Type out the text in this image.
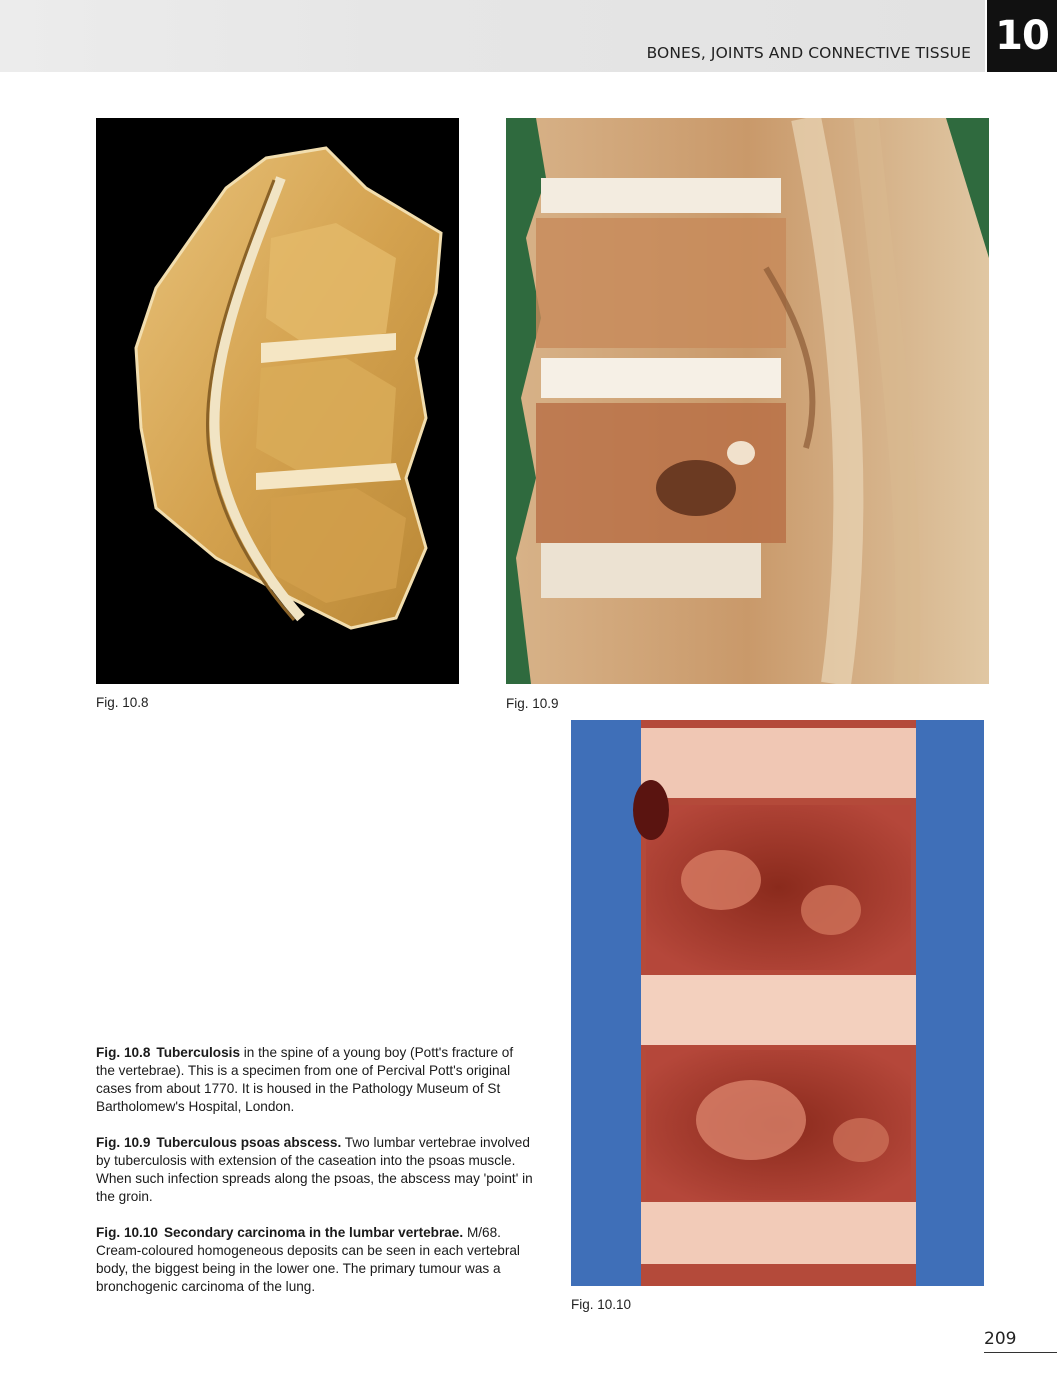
BONES, JOINTS AND CONNECTIVE TISSUE 10
Fig. 10.8	Fig. 10.9
Fig. 10.10

Fig. 10.8 Tuberculosis in the spine of a young boy (Pott's fracture of the vertebrae). This is a specimen from one of Percival Pott's original cases from about 1770. It is housed in the Pathology Museum of St Bartholomew's Hospital, London.

Fig. 10.9 Tuberculous psoas abscess. Two lumbar vertebrae involved by tuberculosis with extension of the caseation into the psoas muscle. When such infection spreads along the psoas, the abscess may 'point' in the groin.

Fig. 10.10 Secondary carcinoma in the lumbar vertebrae. M/68. Cream-coloured homogeneous deposits can be seen in each vertebral body, the biggest being in the lower one. The primary tumour was a bronchogenic carcinoma of the lung.

209
